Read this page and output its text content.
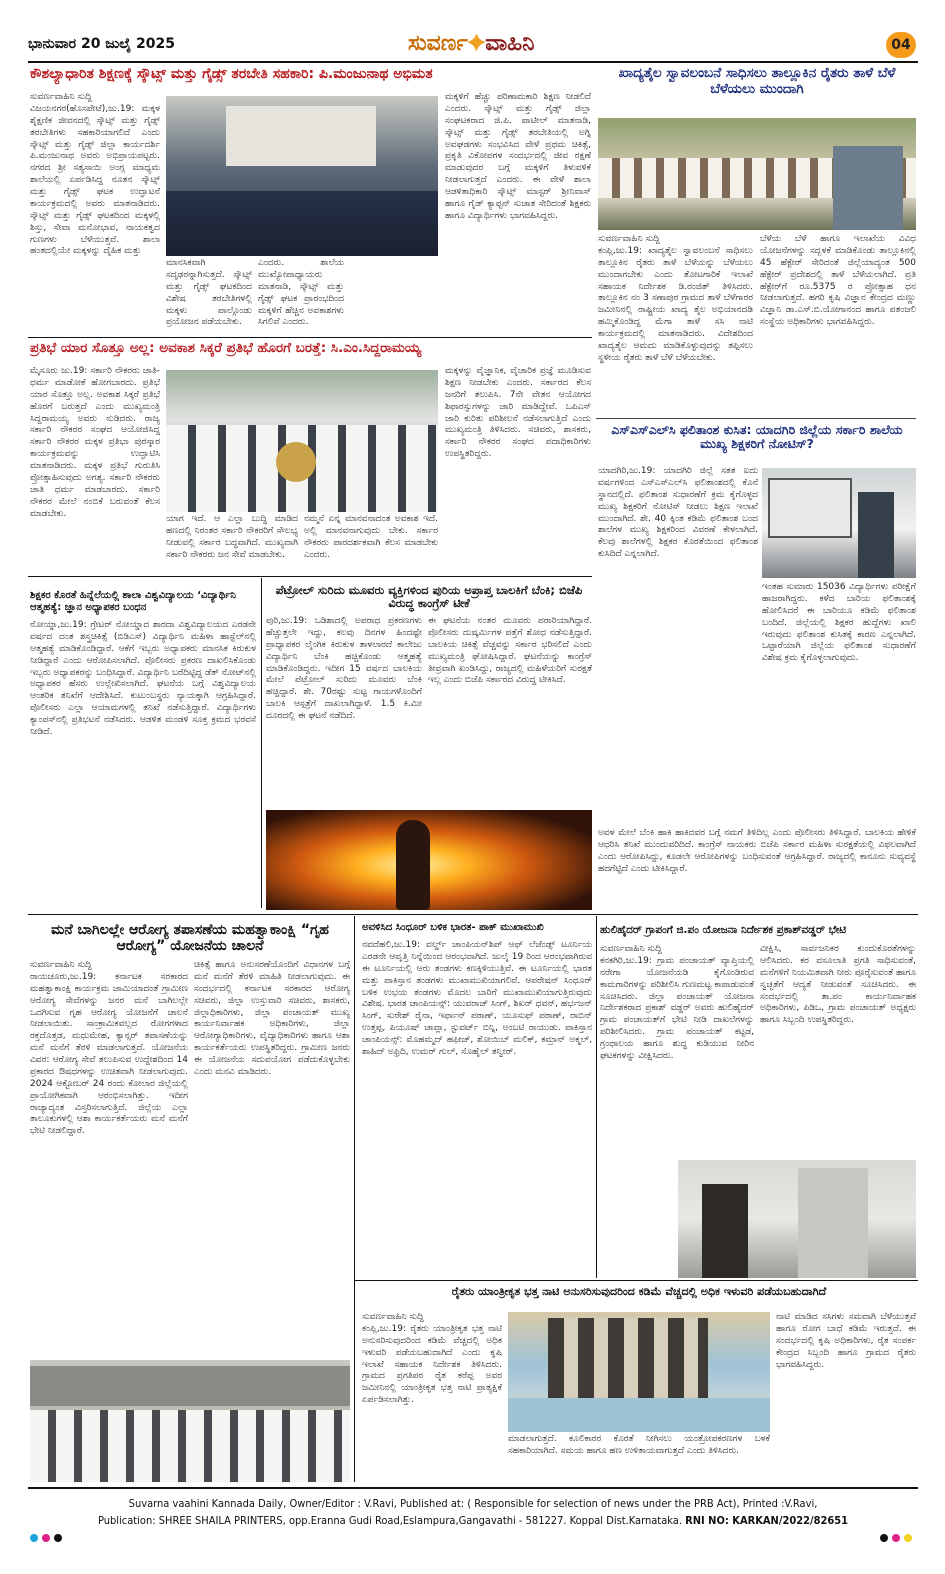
ಭಾನುವಾರ 20 ಜುಲೈ 2025	ಸುವರ್ಣ✦ವಾಹಿನಿ	04
ಕೌಶಲ್ಯಾಧಾರಿತ ಶಿಕ್ಷಣಕ್ಕೆ ಸ್ಕೌಟ್ಸ್ ಮತ್ತು ಗೈಡ್ಸ್ ತರಬೇತಿ ಸಹಕಾರಿ: ಪಿ.ಮಂಜುನಾಥ ಅಭಿಮತ
ಸುವರ್ಣವಾಹಿನಿ ಸುದ್ದಿ
ವಿಜಯನಗರ(ಹೊಸಪೇಟೆ),ಜು.19: ಮಕ್ಕಳ ಶೈಕ್ಷಣಿಕ ಜೀವನದಲ್ಲಿ ಸ್ಕೌಟ್ಸ್ ಮತ್ತು ಗೈಡ್ಸ್ ತರಬೇತಿಗಳು ಸಹಕಾರಿಯಾಗಲಿದೆ ಎಂದು ಸ್ಕೌಟ್ಸ್ ಮತ್ತು ಗೈಡ್ಸ್ ಜಿಲ್ಲಾ ಕಾರ್ಯದರ್ಶಿ ಪಿ.ಮಂಜುನಾಥ ಅವರು ಅಭಿಪ್ರಾಯಪಟ್ಟರು. ನಗರದ ಶ್ರೀ ಸತ್ಯಸಾಯಿ ಅಂಗ್ಲ ಮಾಧ್ಯಮ ಶಾಲೆಯಲ್ಲಿ ಏರ್ಪಡಿಸಿದ್ದ ನೂತನ ಸ್ಕೌಟ್ಸ್ ಮತ್ತು ಗೈಡ್ಸ್ ಘಟಕ ಉದ್ಘಾಟನೆ ಕಾರ್ಯಕ್ರಮದಲ್ಲಿ ಅವರು ಮಾತನಾಡಿದರು. ಸ್ಕೌಟ್ಸ್ ಮತ್ತು ಗೈಡ್ಸ್ ಘಟಕದಿಂದ ಮಕ್ಕಳಲ್ಲಿ ಶಿಸ್ತು, ಸೇವಾ ಮನೋಭಾವ, ನಾಯಕತ್ವದ ಗುಣಗಳು ಬೆಳೆಯುತ್ತವೆ. ಶಾಲಾ ಹಂತದಲ್ಲಿಯೇ ಮಕ್ಕಳನ್ನು ದೈಹಿಕ ಮತ್ತು
ಮಾನಸಿಕವಾಗಿ ಸದೃಢರನ್ನಾಗಿಸುತ್ತದೆ. ಸ್ಕೌಟ್ಸ್ ಮತ್ತು ಗೈಡ್ಸ್ ಘಟಕದಿಂದ ವಿಶೇಷ ತರಬೇತಿಗಳಲ್ಲಿ ಮಕ್ಕಳು ಪಾಲ್ಗೊಂಡು ಪ್ರಯೋಜನ ಪಡೆಯಬೇಕು.
ಎಂದರು. ಶಾಲೆಯ ಮುಖ್ಯೋಪಾಧ್ಯಾಯರು ಮಾತನಾಡಿ, ಸ್ಕೌಟ್ಸ್ ಮತ್ತು ಗೈಡ್ಸ್ ಘಟಕ ಪ್ರಾರಂಭದಿಂದ ಮಕ್ಕಳಿಗೆ ಹೆಚ್ಚಿನ ಅವಕಾಶಗಳು ಸಿಗಲಿವೆ ಎಂದರು.
ಮಕ್ಕಳಿಗೆ ಹೆಚ್ಚು ಪರಿಣಾಮಕಾರಿ ಶಿಕ್ಷಣ ನೀಡಲಿದೆ ಎಂದರು. ಸ್ಕೌಟ್ಸ್ ಮತ್ತು ಗೈಡ್ಸ್ ಜಿಲ್ಲಾ ಸಂಘಟಕರಾದ ಜಿ.ಪಿ. ಪಾಟೀಲ್ ಮಾತನಾಡಿ, ಸ್ಕೌಟ್ಸ್ ಮತ್ತು ಗೈಡ್ಸ್ ತರಬೇತಿಯಲ್ಲಿ ಅಗ್ನಿ ಅವಘಡಗಳು ಸಂಭವಿಸಿದ ವೇಳೆ ಪ್ರಥಮ ಚಿಕಿತ್ಸೆ, ಪ್ರಕೃತಿ ವಿಕೋಪಗಳ ಸಂದರ್ಭದಲ್ಲಿ ಜೀವ ರಕ್ಷಣೆ ಮಾಡುವುದರ ಬಗ್ಗೆ ಮಕ್ಕಳಿಗೆ ತಿಳುವಳಿಕೆ ನೀಡಲಾಗುತ್ತದೆ ಎಂದರು. ಈ ವೇಳೆ ಶಾಲಾ ಆಡಳಿತಾಧಿಕಾರಿ ಸ್ಕೌಟ್ಸ್ ಮಾಸ್ಟರ್ ಶ್ರೀನಿವಾಸ್ ಹಾಗೂ ಗೈಡ್ ಕ್ಯಾಪ್ಟನ್ ಸುಜಾತ ಸೇರಿದಂತೆ ಶಿಕ್ಷಕರು ಹಾಗೂ ವಿದ್ಯಾರ್ಥಿಗಳು ಭಾಗವಹಿಸಿದ್ದರು.
ಖಾದ್ಯತೈಲ ಸ್ವಾವಲಂಬನೆ ಸಾಧಿಸಲು ತಾಲ್ಲೂಕಿನ ರೈತರು ತಾಳೆ ಬೆಳೆ ಬೆಳೆಯಲು ಮುಂದಾಗಿ
ಸುವರ್ಣವಾಹಿನಿ ಸುದ್ದಿ
ಕಂಪ್ಲಿ,ಜು.19: ಖಾದ್ಯತೈಲ ಸ್ವಾವಲಂಬನೆ ಸಾಧಿಸಲು ತಾಲ್ಲೂಕಿನ ರೈತರು ತಾಳೆ ಬೆಳೆಯನ್ನು ಬೆಳೆಯಲು ಮುಂದಾಗಬೇಕು ಎಂದು ತೋಟಗಾರಿಕೆ ಇಲಾಖೆ ಸಹಾಯಕ ನಿರ್ದೇಶಕ ಡಿ.ರಂಜಿತ್ ತಿಳಿಸಿದರು. ತಾಲ್ಲೂಕಿನ ನಂ 3 ಸಣಾಪುರ ಗ್ರಾಮದ ತಾಳೆ ಬೆಳೆಗಾರರ ಜಮೀನಿನಲ್ಲಿ ರಾಷ್ಟ್ರೀಯ ಖಾದ್ಯ ತೈಲ ಅಭಿಯಾನದಡಿ ಹಮ್ಮಿಕೊಂಡಿದ್ದ ಮೆಗಾ ತಾಳೆ ಸಸಿ ನಾಟಿ ಕಾರ್ಯಕ್ರಮದಲ್ಲಿ ಮಾತನಾಡಿದರು. ವಿದೇಶದಿಂದ ಖಾದ್ಯತೈಲ ಆಮದು ಮಾಡಿಕೊಳ್ಳುವುದನ್ನು ತಪ್ಪಿಸಲು ಸ್ಥಳೀಯ ರೈತರು ತಾಳೆ ಬೆಳೆ ಬೆಳೆಯಬೇಕು.
ಬೆಳೆಯ ಬೆಳೆ ಹಾಗೂ ಇಲಾಖೆಯ ವಿವಿಧ ಯೋಜನೆಗಳನ್ನು ಸದ್ಬಳಕೆ ಮಾಡಿಕೊಂಡು ತಾಲ್ಲೂಕಿನಲ್ಲಿ 45 ಹೆಕ್ಟೇರ್ ಸೇರಿದಂತೆ ಜಿಲ್ಲೆಯಾದ್ಯಂತ 500 ಹೆಕ್ಟೇರ್ ಪ್ರದೇಶದಲ್ಲಿ ತಾಳೆ ಬೆಳೆಯಲಾಗಿದೆ. ಪ್ರತಿ ಹೆಕ್ಟೇರ್‌ಗೆ ರೂ.5375 ರ ಪ್ರೋತ್ಸಾಹ ಧನ ನೀಡಲಾಗುತ್ತದೆ. ಹಗರಿ ಕೃಷಿ ವಿಜ್ಞಾನ ಕೇಂದ್ರದ ಮಣ್ಣು ವಿಜ್ಞಾನಿ ಡಾ.ಎಸ್.ಬಿ.ಯೋಗಾನಂದ ಹಾಗೂ ಪತಂಜಲಿ ಸಂಸ್ಥೆಯ ಅಧಿಕಾರಿಗಳು ಭಾಗವಹಿಸಿದ್ದರು.
ಪ್ರತಿಭೆ ಯಾರ ಸೊತ್ತೂ ಅಲ್ಲ: ಅವಕಾಶ ಸಿಕ್ಕರೆ ಪ್ರತಿಭೆ ಹೊರಗೆ ಬರತ್ತೆ: ಸಿ.ಎಂ.ಸಿದ್ದರಾಮಯ್ಯ
ಮೈಸೂರು ಜು.19: ಸರ್ಕಾರಿ ನೌಕರರು ಜಾತಿ-ಧರ್ಮ ಮಾಡೋಕೆ ಹೋಗಬಾರದು. ಪ್ರತಿಭೆ ಯಾರ ಸೊತ್ತೂ ಅಲ್ಲ. ಅವಕಾಶ ಸಿಕ್ಕರೆ ಪ್ರತಿಭೆ ಹೊರಗೆ ಬರುತ್ತದೆ ಎಂದು ಮುಖ್ಯಮಂತ್ರಿ ಸಿದ್ದರಾಮಯ್ಯ ಅವರು ನುಡಿದರು. ರಾಜ್ಯ ಸರ್ಕಾರಿ ನೌಕರರ ಸಂಘದ ಆಯೋಜಿಸಿದ್ದ ಸರ್ಕಾರಿ ನೌಕರರ ಮಕ್ಕಳ ಪ್ರತಿಭಾ ಪುರಸ್ಕಾರ ಕಾರ್ಯಕ್ರಮವನ್ನು ಉದ್ಘಾಟಿಸಿ ಮಾತನಾಡಿದರು. ಮಕ್ಕಳ ಪ್ರತಿಭೆ ಗುರುತಿಸಿ ಪ್ರೋತ್ಸಾಹಿಸುವುದು ಅಗತ್ಯ. ಸರ್ಕಾರಿ ನೌಕರರು ಜಾತಿ ಧರ್ಮ ಮಾಡಬಾರದು. ಸರ್ಕಾರಿ ನೌಕರರ ಮೇಲೆ ನಂಬಿಕೆ ಬರುವಂತೆ ಕೆಲಸ ಮಾಡಬೇಕು.
ಯಾಗ ಇದೆ. ಆ ಎಲ್ಲಾ ಬುದ್ಧಿ ಮಾಡಿದ ಹಣದಲ್ಲಿ ನಿರಂತರ ಸರ್ಕಾರಿ ನೌಕರರಿಗೆ ಸೌಲಭ್ಯ ನೀಡುವಲ್ಲಿ ಸರ್ಕಾರ ಬದ್ಧವಾಗಿದೆ. ಮುಖ್ಯವಾಗಿ ಸರ್ಕಾರಿ ನೌಕರರು ಜನ ಸೇವೆ ಮಾಡಬೇಕು.
ನಮ್ಮನೆ ಏನ್ನ ಮಾನವನಾದಂತ ಅವಕಾಶ ಇದೆ. ಅಲ್ಲಿ ಮಾನವನಾಗುವುದು ಬೇಕು. ಸರ್ಕಾರ ನೌಕರರು ಪಾರದರ್ಶಕವಾಗಿ ಕೆಲಸ ಮಾಡಬೇಕು ಎಂದರು.
ಮಕ್ಕಳನ್ನು ವೈಜ್ಞಾನಿಕ, ವೈಚಾರಿಕ ಪ್ರಜ್ಞೆ ಮೂಡಿಸುವ ಶಿಕ್ಷಣ ನೀಡಬೇಕು ಎಂದರು. ಸರ್ಕಾರದ ಕೆಲಸ ಜನರಿಗೆ ತಲುಪಿಸಿ. 7ನೇ ವೇತನ ಆಯೋಗದ ಶಿಫಾರಸ್ಸುಗಳನ್ನು ಜಾರಿ ಮಾಡಿದ್ದೇವೆ. ಒಪಿಎಸ್ ಜಾರಿ ಕುರಿತು ಪರಿಶೀಲನೆ ನಡೆಸಲಾಗುತ್ತಿದೆ ಎಂದು ಮುಖ್ಯಮಂತ್ರಿ ತಿಳಿಸಿದರು. ಸಚಿವರು, ಶಾಸಕರು, ಸರ್ಕಾರಿ ನೌಕರರ ಸಂಘದ ಪದಾಧಿಕಾರಿಗಳು ಉಪಸ್ಥಿತರಿದ್ದರು.
ಎಸ್‌ಎಸ್‌ಎಲ್‌ಸಿ ಫಲಿತಾಂಶ ಕುಸಿತ: ಯಾದಗಿರಿ ಜಿಲ್ಲೆಯ ಸರ್ಕಾರಿ ಶಾಲೆಯ ಮುಖ್ಯ ಶಿಕ್ಷಕರಿಗೆ ನೋಟಿಸ್?
ಯಾದಗಿರಿ,ಜು.19: ಯಾದಗಿರಿ ಜಿಲ್ಲೆ ಸತತ ಐದು ವರ್ಷಗಳಿಂದ ಎಸ್‌ಎಸ್‌ಎಲ್‌ಸಿ ಫಲಿತಾಂಶದಲ್ಲಿ ಕೊನೆ ಸ್ಥಾನದಲ್ಲಿದೆ. ಫಲಿತಾಂಶ ಸುಧಾರಣೆಗೆ ಕ್ರಮ ಕೈಗೊಳ್ಳದ ಮುಖ್ಯ ಶಿಕ್ಷಕರಿಗೆ ನೋಟಿಸ್ ನೀಡಲು ಶಿಕ್ಷಣ ಇಲಾಖೆ ಮುಂದಾಗಿದೆ. ಶೇ. 40 ಕ್ಕಿಂತ ಕಡಿಮೆ ಫಲಿತಾಂಶ ಬಂದ ಶಾಲೆಗಳ ಮುಖ್ಯ ಶಿಕ್ಷಕರಿಂದ ವಿವರಣೆ ಕೇಳಲಾಗಿದೆ. ಕೆಲವು ಶಾಲೆಗಳಲ್ಲಿ ಶಿಕ್ಷಕರ ಕೊರತೆಯಿಂದ ಫಲಿತಾಂಶ ಕುಸಿದಿದೆ ಎನ್ನಲಾಗಿದೆ.
ಇಂತಹ ಸುಮಾರು 15036 ವಿದ್ಯಾರ್ಥಿಗಳು ಪರೀಕ್ಷೆಗೆ ಹಾಜರಾಗಿದ್ದರು. ಕಳೆದ ಬಾರಿಯ ಫಲಿತಾಂಶಕ್ಕೆ ಹೋಲಿಸಿದರೆ ಈ ಬಾರಿಯೂ ಕಡಿಮೆ ಫಲಿತಾಂಶ ಬಂದಿದೆ. ಜಿಲ್ಲೆಯಲ್ಲಿ ಶಿಕ್ಷಕರ ಹುದ್ದೆಗಳು ಖಾಲಿ ಇರುವುದು ಫಲಿತಾಂಶ ಕುಸಿತಕ್ಕೆ ಕಾರಣ ಎನ್ನಲಾಗಿದೆ. ಒಟ್ಟಾರೆಯಾಗಿ ಜಿಲ್ಲೆಯ ಫಲಿತಾಂಶ ಸುಧಾರಣೆಗೆ ವಿಶೇಷ ಕ್ರಮ ಕೈಗೊಳ್ಳಲಾಗುವುದು.
ಶಿಕ್ಷಕರ ಕೊರತೆ ಹಿನ್ನೆಲೆಯಲ್ಲಿ ಶಾಲಾ ವಿಶ್ವವಿದ್ಯಾಲಯ ‘ವಿದ್ಯಾರ್ಥಿನಿ ಆತ್ಮಹತ್ಯೆ: ಜ್ಞಾನ ಅಧ್ಯಾಪಕರ ಬಂಧನ
ನೋಯ್ಡಾ,ಜು.19: ಗ್ರೇಟರ್ ನೋಯ್ಡಾದ ಶಾರದಾ ವಿಶ್ವವಿದ್ಯಾಲಯದ ಎರಡನೇ ವರ್ಷದ ದಂತ ಶಸ್ತ್ರಚಿಕಿತ್ಸೆ (ಬಿಡಿಎಸ್) ವಿದ್ಯಾರ್ಥಿನಿ ಮಹಿಳಾ ಹಾಸ್ಟೆಲ್‌ನಲ್ಲಿ ಆತ್ಮಹತ್ಯೆ ಮಾಡಿಕೊಂಡಿದ್ದಾರೆ. ಆಕೆಗೆ ಇಬ್ಬರು ಅಧ್ಯಾಪಕರು ಮಾನಸಿಕ ಕಿರುಕುಳ ನೀಡಿದ್ದಾರೆ ಎಂದು ಆರೋಪಿಸಲಾಗಿದೆ. ಪೊಲೀಸರು ಪ್ರಕರಣ ದಾಖಲಿಸಿಕೊಂಡು ಇಬ್ಬರು ಅಧ್ಯಾಪಕರನ್ನು ಬಂಧಿಸಿದ್ದಾರೆ. ವಿದ್ಯಾರ್ಥಿನಿ ಬರೆದಿಟ್ಟಿದ್ದ ಡೆತ್ ನೋಟ್‌ನಲ್ಲಿ ಅಧ್ಯಾಪಕರ ಹೆಸರು ಉಲ್ಲೇಖಿಸಲಾಗಿದೆ. ಘಟನೆಯ ಬಗ್ಗೆ ವಿಶ್ವವಿದ್ಯಾಲಯ ಆಂತರಿಕ ತನಿಖೆಗೆ ಆದೇಶಿಸಿದೆ. ಕುಟುಂಬಸ್ಥರು ನ್ಯಾಯಕ್ಕಾಗಿ ಆಗ್ರಹಿಸಿದ್ದಾರೆ. ಪೊಲೀಸರು ಎಲ್ಲಾ ಆಯಾಮಗಳಲ್ಲಿ ತನಿಖೆ ನಡೆಸುತ್ತಿದ್ದಾರೆ. ವಿದ್ಯಾರ್ಥಿಗಳು ಕ್ಯಾಂಪಸ್‌ನಲ್ಲಿ ಪ್ರತಿಭಟನೆ ನಡೆಸಿದರು. ಆಡಳಿತ ಮಂಡಳಿ ಸೂಕ್ತ ಕ್ರಮದ ಭರವಸೆ ನೀಡಿದೆ.
ಪೆಟ್ರೋಲ್ ಸುರಿದು ಮೂವರು ವ್ಯಕ್ತಿಗಳಿಂದ ಪುರಿಯ ಅಪ್ರಾಪ್ತ ಬಾಲಕಿಗೆ ಬೆಂಕಿ; ಬಿಜೆಪಿ ವಿರುದ್ಧ ಕಾಂಗ್ರೆಸ್ ಟೀಕೆ
ಪುರಿ,ಜು.19: ಒಡಿಶಾದಲ್ಲಿ ಅಪರಾಧ ಪ್ರಕರಣಗಳು ಹೆಚ್ಚುತ್ತಲೇ ಇದ್ದು, ಕಲವು ದಿನಗಳ ಹಿಂದಷ್ಟೇ ಪ್ರಾಧ್ಯಾಪಕರ ಲೈಂಗಿಕ ಕಿರುಕುಳ ತಾಳಲಾರದೆ ಕಾಲೇಜು ವಿದ್ಯಾರ್ಥಿನಿ ಬೆಂಕಿ ಹಚ್ಚಿಕೊಂಡು ಆತ್ಮಹತ್ಯೆ ಮಾಡಿಕೊಂಡಿದ್ದರು. ಇದೀಗ 15 ವರ್ಷದ ಬಾಲಕಿಯ ಮೇಲೆ ಪೆಟ್ರೋಲ್ ಸುರಿದು ಮೂವರು ಬೆಂಕಿ ಹಚ್ಚಿದ್ದಾರೆ. ಶೇ. 70ರಷ್ಟು ಸುಟ್ಟ ಗಾಯಗಳೊಂದಿಗೆ ಬಾಲಕಿ ಆಸ್ಪತ್ರೆಗೆ ದಾಖಲಾಗಿದ್ದಾಳೆ. 1.5 ಕಿ.ಮೀ ದೂರದಲ್ಲಿ ಈ ಘಟನೆ ನಡೆದಿದೆ.
ಈ ಘಟನೆಯ ನಂತರ ಮೂವರು ಪರಾರಿಯಾಗಿದ್ದಾರೆ. ಪೊಲೀಸರು ದುಷ್ಕರ್ಮಿಗಳ ಪತ್ತೆಗೆ ಶೋಧ ನಡೆಸುತ್ತಿದ್ದಾರೆ. ಬಾಲಕಿಯ ಚಿಕಿತ್ಸೆ ವೆಚ್ಚವನ್ನು ಸರ್ಕಾರ ಭರಿಸಲಿದೆ ಎಂದು ಮುಖ್ಯಮಂತ್ರಿ ಘೋಷಿಸಿದ್ದಾರೆ. ಘಟನೆಯನ್ನು ಕಾಂಗ್ರೆಸ್ ತೀವ್ರವಾಗಿ ಖಂಡಿಸಿದ್ದು, ರಾಜ್ಯದಲ್ಲಿ ಮಹಿಳೆಯರಿಗೆ ಸುರಕ್ಷತೆ ಇಲ್ಲ ಎಂದು ಬಿಜೆಪಿ ಸರ್ಕಾರದ ವಿರುದ್ಧ ಟೀಕಿಸಿದೆ.
ಅವಳ ಮೇಲೆ ಬೆಂಕಿ ಹಾಕಿ ಹಾಕಿದವರ ಬಗ್ಗೆ ನಮಗೆ ತಿಳಿದಿಲ್ಲ ಎಂದು ಪೊಲೀಸರು ತಿಳಿಸಿದ್ದಾರೆ. ಬಾಲಕಿಯ ಹೇಳಿಕೆ ಆಧರಿಸಿ ತನಿಖೆ ಮುಂದುವರಿದಿದೆ. ಕಾಂಗ್ರೆಸ್ ನಾಯಕರು ಬಿಜೆಪಿ ಸರ್ಕಾರ ಮಹಿಳಾ ಸುರಕ್ಷತೆಯಲ್ಲಿ ವಿಫಲವಾಗಿದೆ ಎಂದು ಆರೋಪಿಸಿದ್ದು, ಕೂಡಲೇ ಆರೋಪಿಗಳನ್ನು ಬಂಧಿಸುವಂತೆ ಆಗ್ರಹಿಸಿದ್ದಾರೆ. ರಾಜ್ಯದಲ್ಲಿ ಕಾನೂನು ಸುವ್ಯವಸ್ಥೆ ಹದಗೆಟ್ಟಿದೆ ಎಂದು ಟೀಕಿಸಿದ್ದಾರೆ.
ಮನೆ ಬಾಗಿಲಲ್ಲೇ ಆರೋಗ್ಯ ತಪಾಸಣೆಯ ಮಹತ್ವಾಕಾಂಕ್ಷಿ “ಗೃಹ ಆರೋಗ್ಯ” ಯೋಜನೆಯ ಚಾಲನೆ
ಸುವರ್ಣವಾಹಿನಿ ಸುದ್ದಿ
ರಾಯಚೂರು,ಜು.19: ಕರ್ನಾಟಕ ಸರಕಾರದ ಮಹತ್ವಾಕಾಂಕ್ಷಿ ಕಾರ್ಯಕ್ರಮ ಜಾಮಿಯಾದಂತೆ ಗ್ರಾಮೀಣ ಆರೋಗ್ಯ ಸೇವೆಗಳನ್ನು ಜನರ ಮನೆ ಬಾಗಿಲಲ್ಲೇ ಒದಗಿಸುವ ಗೃಹ ಆರೋಗ್ಯ ಯೋಜನೆಗೆ ಚಾಲನೆ ನೀಡಲಾಯಿತು. ಸಾಂಕ್ರಾಮಿಕವಲ್ಲದ ರೋಗಗಳಾದ ರಕ್ತದೊತ್ತಡ, ಮಧುಮೇಹ, ಕ್ಯಾನ್ಸರ್ ತಪಾಸಣೆಯನ್ನು ಮನೆ ಮನೆಗೆ ತೆರಳಿ ಮಾಡಲಾಗುತ್ತದೆ. ಯೋಜನೆಯ ವಿವರ: ಆರೋಗ್ಯ ಸೇವೆ ತಲುಪಿಸುವ ಉದ್ದೇಶದಿಂದ 14 ಪ್ರಕಾರದ ಔಷಧಗಳನ್ನು ಉಚಿತವಾಗಿ ನೀಡಲಾಗುವುದು. 2024 ಆಕ್ಟೋಬರ್ 24 ರಂದು ಕೋಲಾರ ಜಿಲ್ಲೆಯಲ್ಲಿ ಪ್ರಾಯೋಗಿಕವಾಗಿ ಆರಂಭಿಸಲಾಗಿತ್ತು. ಇದೀಗ ರಾಜ್ಯಾದ್ಯಂತ ವಿಸ್ತರಿಸಲಾಗುತ್ತಿದೆ. ಜಿಲ್ಲೆಯ ಎಲ್ಲಾ ತಾಲೂಕುಗಳಲ್ಲಿ ಆಶಾ ಕಾರ್ಯಕರ್ತೆಯರು ಮನೆ ಮನೆಗೆ ಭೇಟಿ ನೀಡಲಿದ್ದಾರೆ.
ಚಿಕಿತ್ಸೆ ಹಾಗೂ ಅನುಸರಣೆಯೊಂದಿಗೆ ವಿಧಾನಗಳ ಬಗ್ಗೆ ಮನೆ ಮನೆಗೆ ತೆರಳಿ ಮಾಹಿತಿ ನೀಡಲಾಗುವುದು. ಈ ಸಂದರ್ಭದಲ್ಲಿ ಕರ್ನಾಟಕ ಸರಕಾರದ ಆರೋಗ್ಯ ಸಚಿವರು, ಜಿಲ್ಲಾ ಉಸ್ತುವಾರಿ ಸಚಿವರು, ಶಾಸಕರು, ಜಿಲ್ಲಾಧಿಕಾರಿಗಳು, ಜಿಲ್ಲಾ ಪಂಚಾಯತ್ ಮುಖ್ಯ ಕಾರ್ಯನಿರ್ವಾಹಕ ಅಧಿಕಾರಿಗಳು, ಜಿಲ್ಲಾ ಆರೋಗ್ಯಾಧಿಕಾರಿಗಳು, ವೈದ್ಯಾಧಿಕಾರಿಗಳು ಹಾಗೂ ಆಶಾ ಕಾರ್ಯಕರ್ತೆಯರು ಉಪಸ್ಥಿತರಿದ್ದರು. ಗ್ರಾಮೀಣ ಜನರು ಈ ಯೋಜನೆಯ ಸದುಪಯೋಗ ಪಡೆದುಕೊಳ್ಳಬೇಕು ಎಂದು ಮನವಿ ಮಾಡಿದರು.
ಅವಳಿಸಿದ ಸಿಂಧೂರ್ ಬಳಿಕ ಭಾರತ- ಪಾಕ್ ಮುಖಾಮುಖಿ
ನವದೆಹಲಿ,ಜು.19: ವರ್ಲ್ಡ್ ಚಾಂಪಿಯನ್‌ಶಿಪ್ ಆಫ್ ಲೆಜೆಂಡ್ಸ್ ಟೂರ್ನಿಯ ಎರಡನೇ ಆವೃತ್ತಿ ನಿನ್ನೆಯಿಂದ ಆರಂಭವಾಗಿದೆ. ಜುಲೈ 19 ರಿಂದ ಆರಂಭವಾಗಿರುವ ಈ ಟೂರ್ನಿಯಲ್ಲಿ ಆರು ತಂಡಗಳು ಕಣಕ್ಕಿಳಿಯುತ್ತಿವೆ. ಈ ಟೂರ್ನಿಯಲ್ಲಿ ಭಾರತ ಮತ್ತು ಪಾಕಿಸ್ತಾನ ತಂಡಗಳು ಮುಖಾಮುಖಿಯಾಗಲಿವೆ. ಆಪರೇಷನ್ ಸಿಂಧೂರ್ ಬಳಿಕ ಉಭಯ ತಂಡಗಳು ಮೊದಲ ಬಾರಿಗೆ ಮುಖಾಮುಖಿಯಾಗುತ್ತಿರುವುದು ವಿಶೇಷ. ಭಾರತ ಚಾಂಪಿಯನ್ಸ್: ಯುವರಾಜ್ ಸಿಂಗ್, ಶಿಖರ್ ಧವನ್, ಹರ್ಭಜನ್ ಸಿಂಗ್, ಸುರೇಶ್ ರೈನಾ, ಇರ್ಫಾನ್ ಪಠಾಣ್, ಯೂಸುಫ್ ಪಠಾಣ್, ರಾಬಿನ್ ಉತ್ತಪ್ಪ, ಪಿಯೂಷ್ ಚಾವ್ಲಾ, ಸ್ಟುವರ್ಟ್ ಬಿನ್ನಿ, ಅಂಬಟಿ ರಾಯುಡು. ಪಾಕಿಸ್ತಾನ ಚಾಂಪಿಯನ್ಸ್: ಮೊಹಮ್ಮದ್ ಹಫೀಜ್, ಶೋಯಿಬ್ ಮಲಿಕ್, ಕಮ್ರಾನ್ ಅಕ್ಮಲ್, ಶಾಹಿದ್ ಅಫ್ರಿದಿ, ಉಮರ್ ಗುಲ್, ಸೊಹೈಲ್ ತನ್ವೀರ್.
ಹುಲಿಹೈದರ್ ಗ್ರಾಪಂಗೆ ಜಿ.ಪಂ ಯೋಜನಾ ನಿರ್ದೇಶಕ ಪ್ರಕಾಶ್‌ವಡ್ಡರ್ ಭೇಟಿ
ಸುವರ್ಣವಾಹಿನಿ ಸುದ್ದಿ
ಕನಕಗಿರಿ,ಜು.19: ಗ್ರಾಮ ಪಂಚಾಯತ್ ವ್ಯಾಪ್ತಿಯಲ್ಲಿ ನರೇಗಾ ಯೋಜನೆಯಡಿ ಕೈಗೊಂಡಿರುವ ಕಾಮಗಾರಿಗಳನ್ನು ಪರಿಶೀಲಿಸಿ ಗುಣಮಟ್ಟ ಕಾಪಾಡುವಂತೆ ಸೂಚಿಸಿದರು. ಜಿಲ್ಲಾ ಪಂಚಾಯತ್ ಯೋಜನಾ ನಿರ್ದೇಶಕರಾದ ಪ್ರಕಾಶ್ ವಡ್ಡರ್ ಅವರು ಹುಲಿಹೈದರ್ ಗ್ರಾಮ ಪಂಚಾಯತ್‌ಗೆ ಭೇಟಿ ನೀಡಿ ದಾಖಲೆಗಳನ್ನು ಪರಿಶೀಲಿಸಿದರು. ಗ್ರಾಮ ಪಂಚಾಯತ್ ಕಟ್ಟಡ, ಗ್ರಂಥಾಲಯ ಹಾಗೂ ಶುದ್ಧ ಕುಡಿಯುವ ನೀರಿನ ಘಟಕಗಳನ್ನು ವೀಕ್ಷಿಸಿದರು.
ವೀಕ್ಷಿಸಿ, ಸಾರ್ವಜನಿಕರ ಕುಂದುಕೊರತೆಗಳನ್ನು ಆಲಿಸಿದರು. ಕರ ವಸೂಲಾತಿ ಪ್ರಗತಿ ಸಾಧಿಸುವಂತೆ, ಮನೆಗಳಿಗೆ ನಿಯಮಿತವಾಗಿ ನೀರು ಪೂರೈಸುವಂತೆ ಹಾಗೂ ಸ್ವಚ್ಛತೆಗೆ ಆದ್ಯತೆ ನೀಡುವಂತೆ ಸೂಚಿಸಿದರು. ಈ ಸಂದರ್ಭದಲ್ಲಿ ತಾ.ಪಂ ಕಾರ್ಯನಿರ್ವಾಹಕ ಅಧಿಕಾರಿಗಳು, ಪಿಡಿಒ, ಗ್ರಾಮ ಪಂಚಾಯತ್ ಅಧ್ಯಕ್ಷರು ಹಾಗೂ ಸಿಬ್ಬಂದಿ ಉಪಸ್ಥಿತರಿದ್ದರು.
ರೈತರು ಯಾಂತ್ರೀಕೃತ ಭತ್ತ ನಾಟಿ ಅನುಸರಿಸುವುದರಿಂದ ಕಡಿಮೆ ವೆಚ್ಚದಲ್ಲಿ ಅಧಿಕ ಇಳುವರಿ ಪಡೆಯಬಹುದಾಗಿದೆ
ಸುವರ್ಣವಾಹಿನಿ ಸುದ್ದಿ
ಕಂಪ್ಲಿ,ಜು.19: ರೈತರು ಯಾಂತ್ರೀಕೃತ ಭತ್ತ ನಾಟಿ ಅನುಸರಿಸುವುದರಿಂದ ಕಡಿಮೆ ವೆಚ್ಚದಲ್ಲಿ ಅಧಿಕ ಇಳುವರಿ ಪಡೆಯಬಹುದಾಗಿದೆ ಎಂದು ಕೃಷಿ ಇಲಾಖೆ ಸಹಾಯಕ ನಿರ್ದೇಶಕ ತಿಳಿಸಿದರು. ಗ್ರಾಮದ ಪ್ರಗತಿಪರ ರೈತ ಕರೆಪ್ಪ ಅವರ ಜಮೀನಿನಲ್ಲಿ ಯಾಂತ್ರೀಕೃತ ಭತ್ತ ನಾಟಿ ಪ್ರಾತ್ಯಕ್ಷಿಕೆ ಏರ್ಪಡಿಸಲಾಗಿತ್ತು.
ಮಾಡಲಾಗುತ್ತದೆ. ಕೂಲಿಕಾರರ ಕೊರತೆ ನೀಗಿಸಲು ಯಂತ್ರೋಪಕರಣಗಳ ಬಳಕೆ ಸಹಕಾರಿಯಾಗಿದೆ. ಸಮಯ ಹಾಗೂ ಹಣ ಉಳಿತಾಯವಾಗುತ್ತದೆ ಎಂದು ತಿಳಿಸಿದರು.
ನಾಟಿ ಮಾಡಿದ ಸಸಿಗಳು ಸಮವಾಗಿ ಬೆಳೆಯುತ್ತವೆ ಹಾಗೂ ರೋಗ ಬಾಧೆ ಕಡಿಮೆ ಇರುತ್ತದೆ. ಈ ಸಂದರ್ಭದಲ್ಲಿ ಕೃಷಿ ಅಧಿಕಾರಿಗಳು, ರೈತ ಸಂಪರ್ಕ ಕೇಂದ್ರದ ಸಿಬ್ಬಂದಿ ಹಾಗೂ ಗ್ರಾಮದ ರೈತರು ಭಾಗವಹಿಸಿದ್ದರು.
Suvarna vaahini Kannada Daily, Owner/Editor : V.Ravi, Published at: ( Responsible for selection of news under the PRB Act), Printed :V.Ravi,
Publication: SHREE SHAILA PRINTERS, opp.Eranna Gudi Road,Eslampura,Gangavathi - 581227. Koppal Dist.Karnataka. RNI NO: KARKAN/2022/82651
